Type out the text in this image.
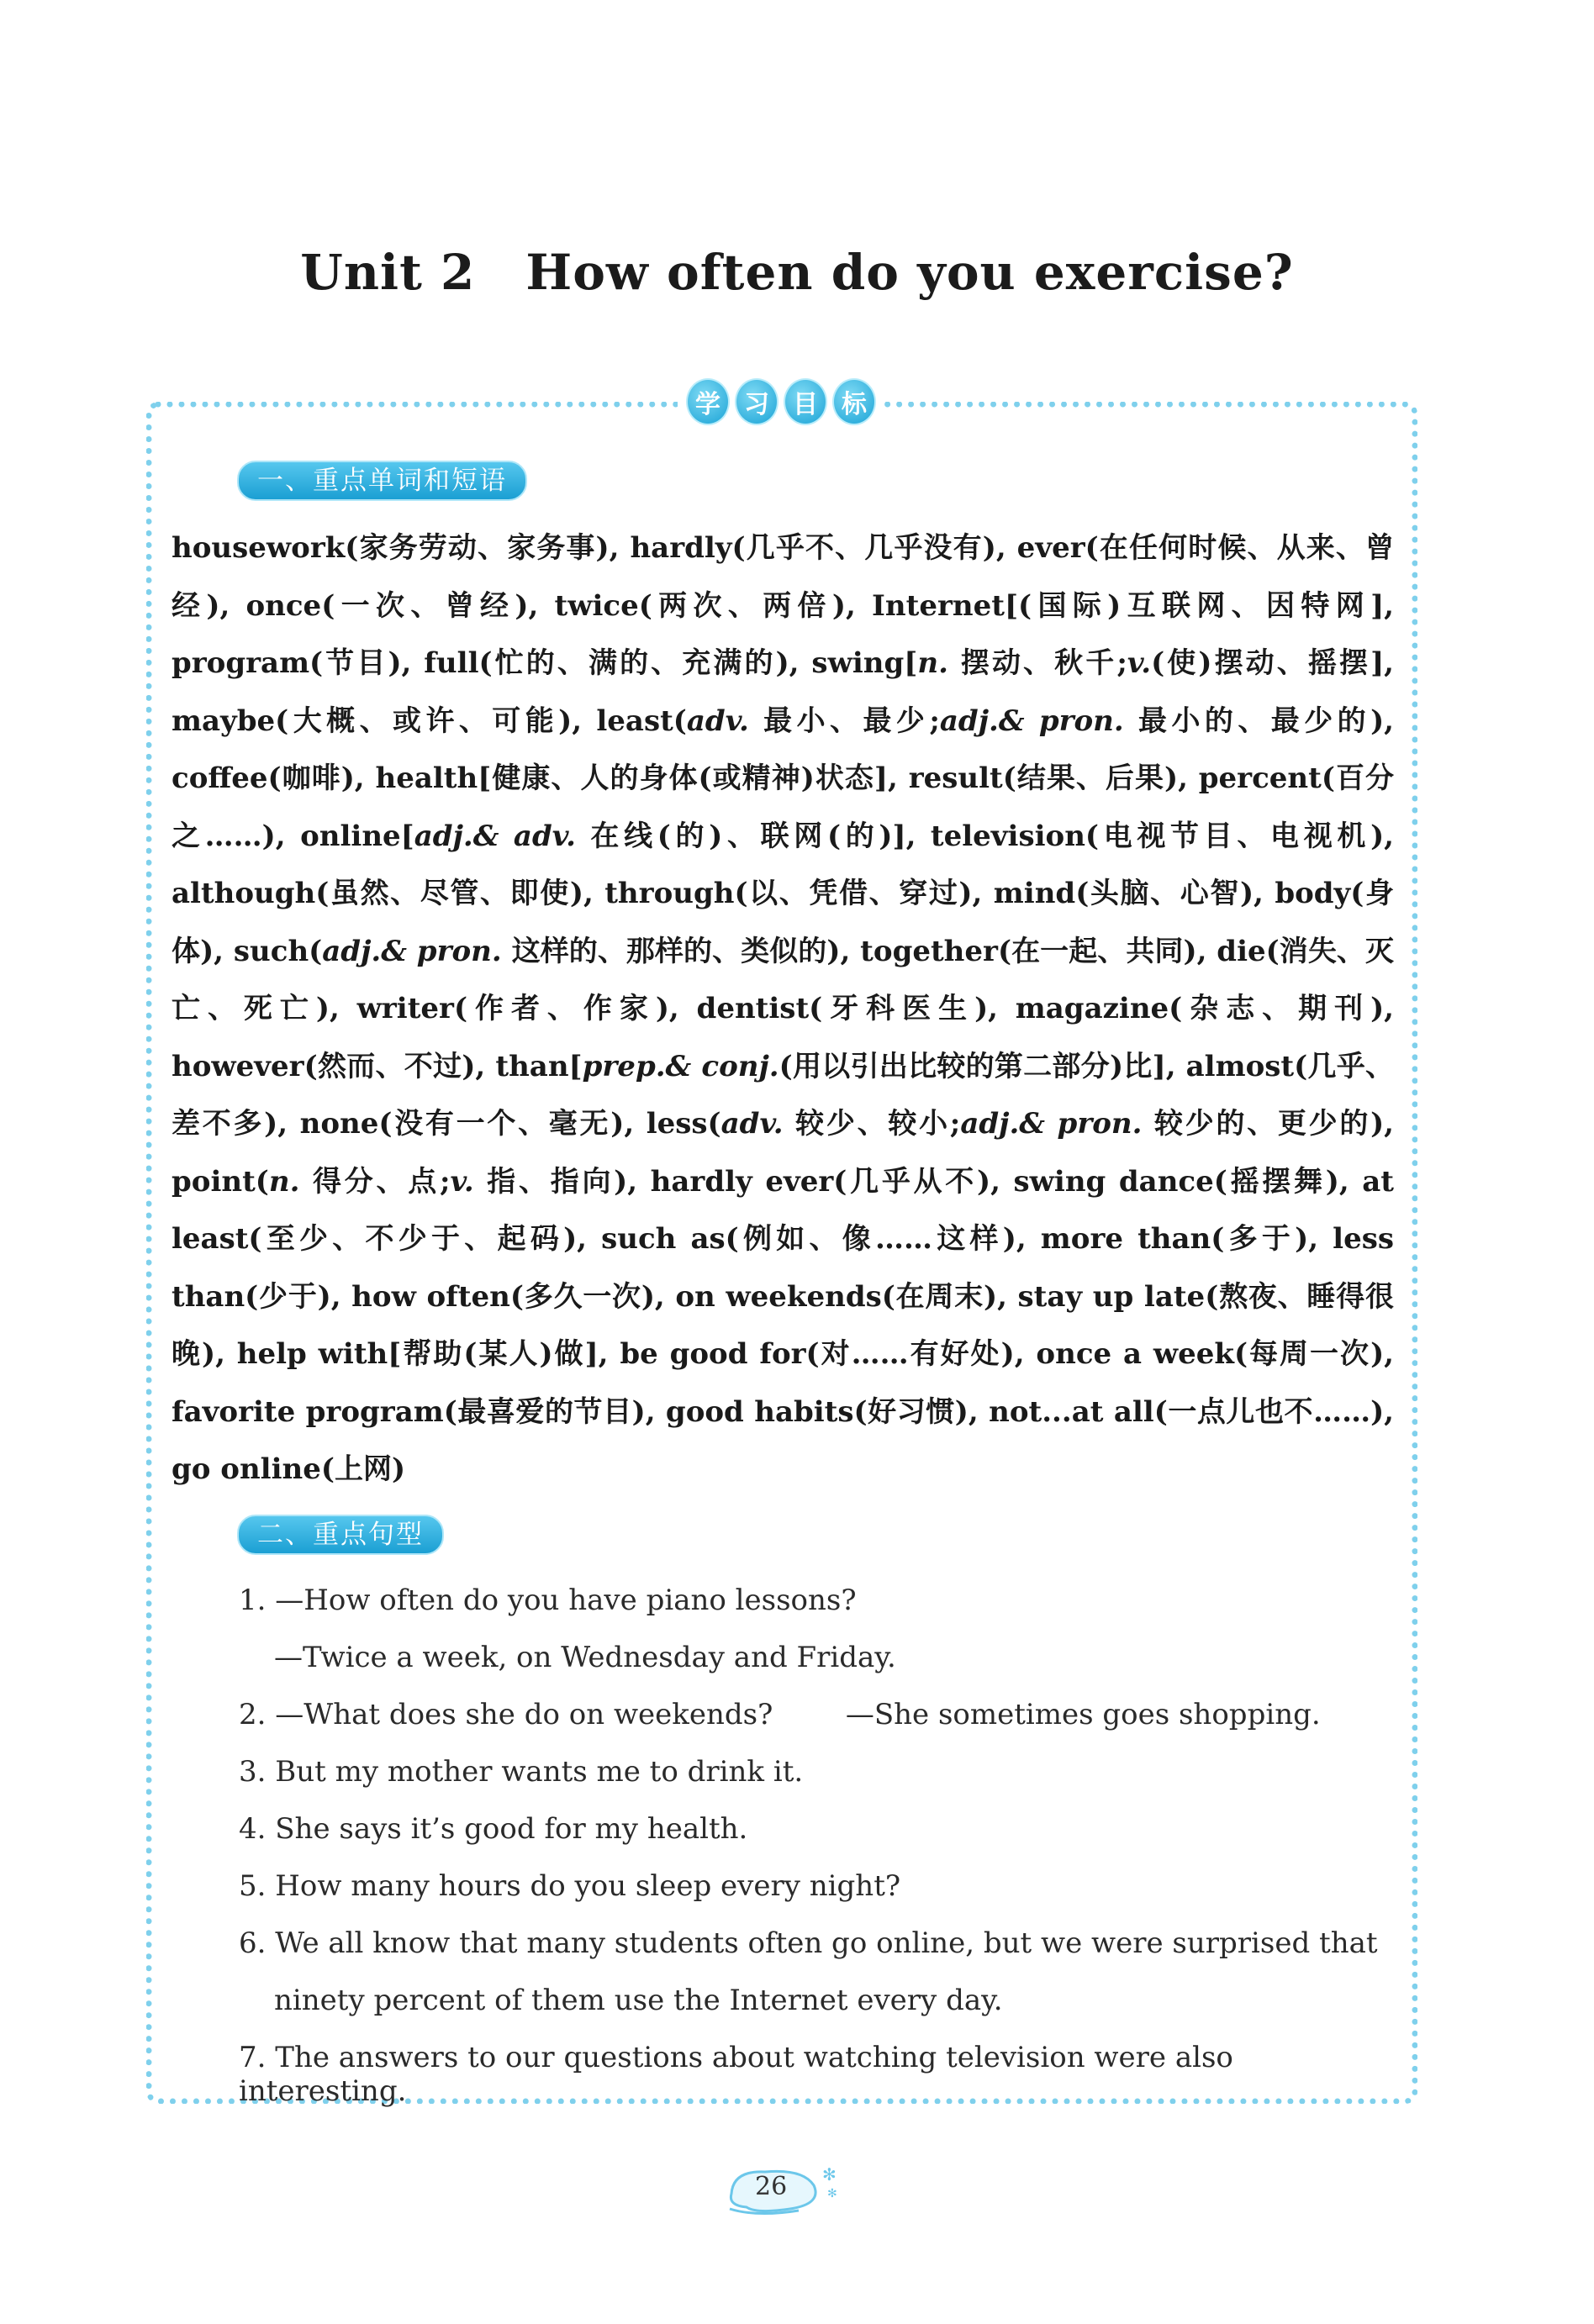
Unit 2 How often do you exercise?
学 习 目 标
一、重点单词和短语
housework(家务劳动、家务事), hardly(几乎不、几乎没有), ever(在任何时候、从来、曾经), once(一次、曾经), twice(两次、两倍), Internet[(国际)互联网、因特网], program(节目), full(忙的、满的、充满的), swing[n. 摆动、秋千;v.(使)摆动、摇摆], maybe(大概、或许、可能), least(adv. 最小、最少;adj.& pron. 最小的、最少的), coffee(咖啡), health[健康、人的身体(或精神)状态], result(结果、后果), percent(百分之……), online[adj.& adv. 在线(的)、联网(的)], television(电视节目、电视机), although(虽然、尽管、即使), through(以、凭借、穿过), mind(头脑、心智), body(身体), such(adj.& pron. 这样的、那样的、类似的), together(在一起、共同), die(消失、灭亡、死亡), writer(作者、作家), dentist(牙科医生), magazine(杂志、期刊), however(然而、不过), than[prep.& conj.(用以引出比较的第二部分)比], almost(几乎、差不多), none(没有一个、毫无), less(adv. 较少、较小;adj.& pron. 较少的、更少的), point(n. 得分、点;v. 指、指向), hardly ever(几乎从不), swing dance(摇摆舞), at least(至少、不少于、起码), such as(例如、像……这样), more than(多于), less than(少于), how often(多久一次), on weekends(在周末), stay up late(熬夜、睡得很晚), help with[帮助(某人)做], be good for(对……有好处), once a week(每周一次), favorite program(最喜爱的节目), good habits(好习惯), not...at all(一点儿也不……), go online(上网)
二、重点句型
1. —How often do you have piano lessons?
—Twice a week, on Wednesday and Friday.
2. —What does she do on weekends?        —She sometimes goes shopping.
3. But my mother wants me to drink it.
4. She says it’s good for my health.
5. How many hours do you sleep every night?
6. We all know that many students often go online, but we were surprised that
ninety percent of them use the Internet every day.
7. The answers to our questions about watching television were also interesting.
✻
✻
26
